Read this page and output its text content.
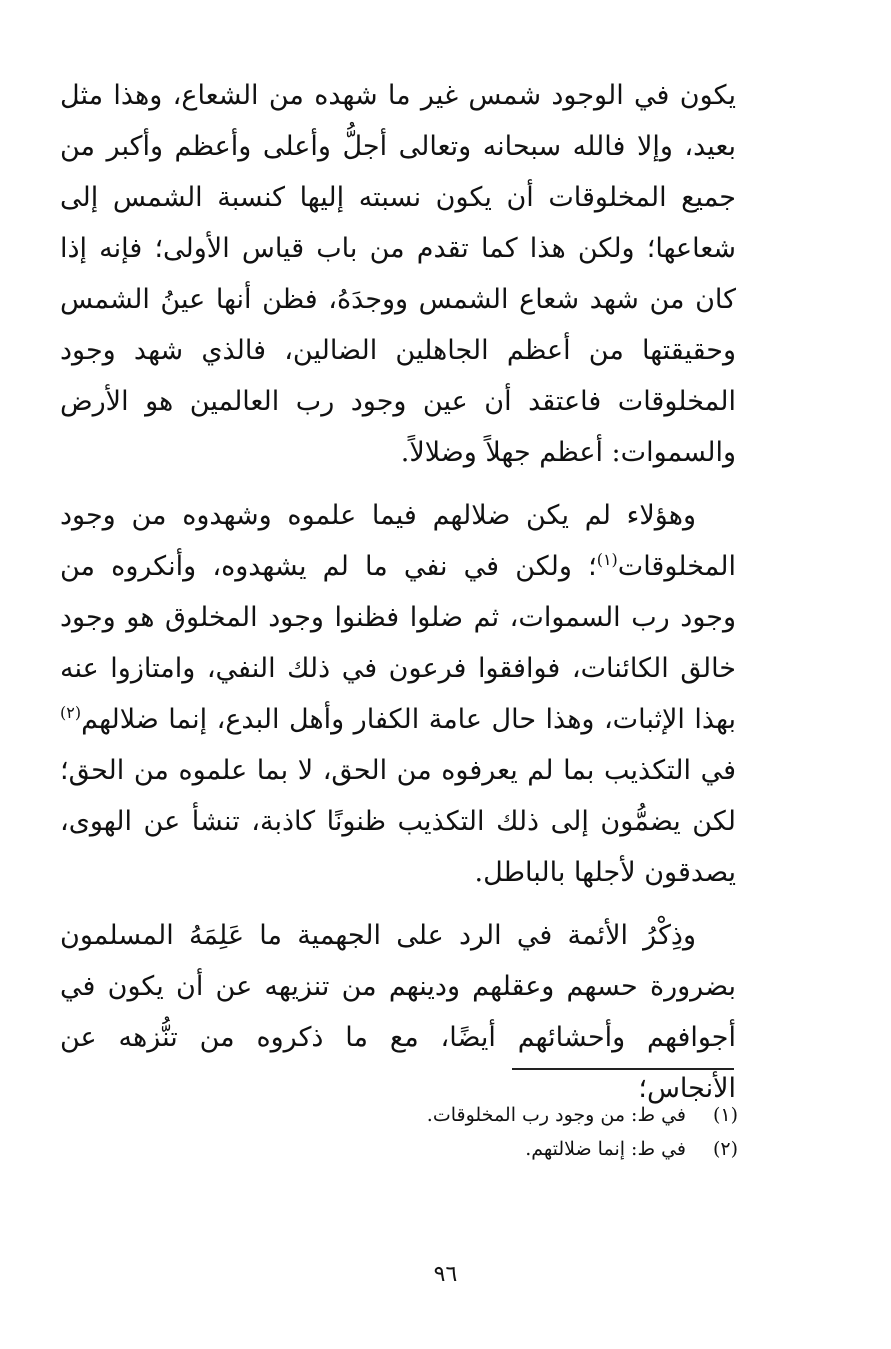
يكون في الوجود شمس غير ما شهده من الشعاع، وهذا مثل بعيد، وإلا فالله سبحانه وتعالى أجلُّ وأعلى وأعظم وأكبر من جميع المخلوقات أن يكون نسبته إليها كنسبة الشمس إلى شعاعها؛ ولكن هذا كما تقدم من باب قياس الأولى؛ فإنه إذا كان من شهد شعاع الشمس ووجدَهُ، فظن أنها عينُ الشمس وحقيقتها من أعظم الجاهلين الضالين، فالذي شهد وجود المخلوقات فاعتقد أن عين وجود رب العالمين هو الأرض والسموات: أعظم جهلاً وضلالاً.

وهؤلاء لم يكن ضلالهم فيما علموه وشهدوه من وجود المخلوقات$^{(١)}$؛ ولكن في نفي ما لم يشهدوه، وأنكروه من وجود رب السموات، ثم ضلوا فظنوا وجود المخلوق هو وجود خالق الكائنات، فوافقوا فرعون في ذلك النفي، وامتازوا عنه بهذا الإثبات، وهذا حال عامة الكفار وأهل البدع، إنما ضلالهم$^{(٢)}$ في التكذيب بما لم يعرفوه من الحق، لا بما علموه من الحق؛ لكن يضمُّون إلى ذلك التكذيب ظنونًا كاذبة، تنشأ عن الهوى، يصدقون لأجلها بالباطل.

وذِكْرُ الأئمة في الرد على الجهمية ما عَلِمَهُ المسلمون بضرورة حسهم وعقلهم ودينهم من تنزيهه عن أن يكون في أجوافهم وأحشائهم أيضًا، مع ما ذكروه من تنُّزهه عن الأنجاس؛

(١)
في ط: من وجود رب المخلوقات.
(٢)
في ط: إنما ضلالتهم.
٩٦
